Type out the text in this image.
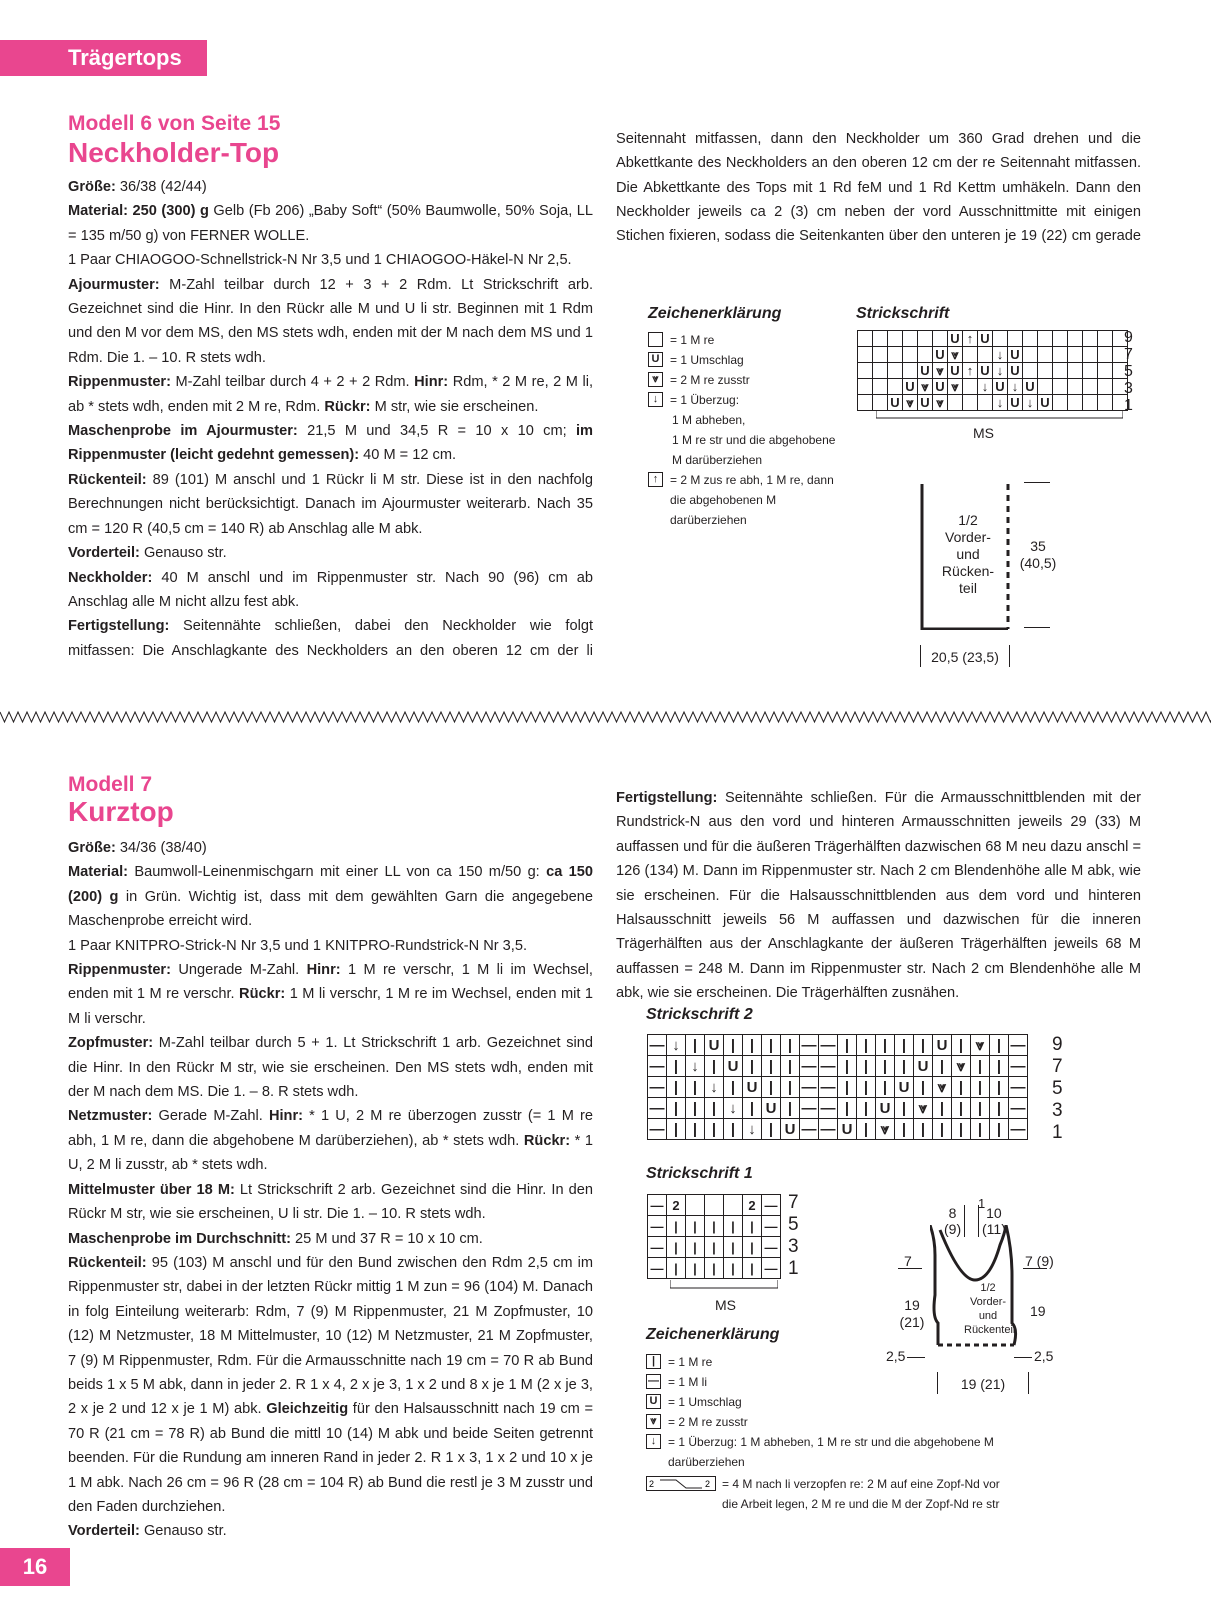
Trägertops
Modell 6 von Seite 15
Neckholder-Top

Größe: 36/38 (42/44)

Material: 250 (300) g Gelb (Fb 206) „Baby Soft“ (50% Baumwolle, 50% Soja, LL = 135 m/50 g) von FERNER WOLLE.

1 Paar CHIAOGOO-Schnellstrick-N Nr 3,5 und 1 CHIAOGOO-Häkel-N Nr 2,5.

Ajourmuster: M-Zahl teilbar durch 12 + 3 + 2 Rdm. Lt Strickschrift arb. Gezeichnet sind die Hinr. In den Rückr alle M und U li str. Beginnen mit 1 Rdm und den M vor dem MS, den MS stets wdh, enden mit der M nach dem MS und 1 Rdm. Die 1. – 10. R stets wdh.

Rippenmuster: M-Zahl teilbar durch 4 + 2 + 2 Rdm. Hinr: Rdm, * 2 M re, 2 M li, ab * stets wdh, enden mit 2 M re, Rdm. Rückr: M str, wie sie erscheinen.

Maschenprobe im Ajourmuster: 21,5 M und 34,5 R = 10 x 10 cm; im Rippenmuster (leicht gedehnt gemessen): 40 M = 12 cm.

Rückenteil: 89 (101) M anschl und 1 Rückr li M str. Diese ist in den nachfolg Berechnungen nicht berücksichtigt. Danach im Ajourmuster weiterarb. Nach 35 cm = 120 R (40,5 cm = 140 R) ab Anschlag alle M abk.

Vorderteil: Genauso str.

Neckholder: 40 M anschl und im Rippenmuster str. Nach 90 (96) cm ab Anschlag alle M nicht allzu fest abk.

Fertigstellung: Seitennähte schließen, dabei den Neckholder wie folgt mitfassen: Die Anschlagkante des Neckholders an den oberen 12 cm der li

Seitennaht mitfassen, dann den Neckholder um 360 Grad drehen und die Abkettkante des Neckholders an den oberen 12 cm der re Seitennaht mitfassen. Die Abkettkante des Tops mit 1 Rd feM und 1 Rd Kettm umhäkeln. Dann den Neckholder jeweils ca 2 (3) cm neben der vord Ausschnittmitte mit einigen Stichen fixieren, sodass die Seitenkanten über den unteren je 19 (22) cm gerade

Zeichenerklärung
= 1 M re
U = 1 Umschlag
⩔ = 2 M re zusstr
↓ = 1 Überzug:
1 M abheben,
1 M re str und die abgehobene M darüberziehen
↑ = 2 M zus re abh, 1 M re, dann die abgehobenen M darüberziehen
Strickschrift
						U	↑	U									
					U	⩔			↓	U							
				U	⩔	U	↑	U	↓	U							
			U	⩔	U	⩔		↓	U	↓	U						
		U	⩔	U	⩔				↓	U	↓	U					
9
7
5
3
1
MS
1/2
Vorder-
und
Rücken-
teil
35
(40,5)
20,5 (23,5)
Modell 7
Kurztop

Größe: 34/36 (38/40)

Material: Baumwoll-Leinenmischgarn mit einer LL von ca 150 m/50 g: ca 150 (200) g in Grün. Wichtig ist, dass mit dem gewählten Garn die angegebene Maschenprobe erreicht wird.

1 Paar KNITPRO-Strick-N Nr 3,5 und 1 KNITPRO-Rundstrick-N Nr 3,5.

Rippenmuster: Ungerade M-Zahl. Hinr: 1 M re verschr, 1 M li im Wechsel, enden mit 1 M re verschr. Rückr: 1 M li verschr, 1 M re im Wechsel, enden mit 1 M li verschr.

Zopfmuster: M-Zahl teilbar durch 5 + 1. Lt Strickschrift 1 arb. Gezeichnet sind die Hinr. In den Rückr M str, wie sie erscheinen. Den MS stets wdh, enden mit der M nach dem MS. Die 1. – 8. R stets wdh.

Netzmuster: Gerade M-Zahl. Hinr: * 1 U, 2 M re überzogen zusstr (= 1 M re abh, 1 M re, dann die abgehobene M darüberziehen), ab * stets wdh. Rückr: * 1 U, 2 M li zusstr, ab * stets wdh.

Mittelmuster über 18 M: Lt Strickschrift 2 arb. Gezeichnet sind die Hinr. In den Rückr M str, wie sie erscheinen, U li str. Die 1. – 10. R stets wdh.

Maschenprobe im Durchschnitt: 25 M und 37 R = 10 x 10 cm.

Rückenteil: 95 (103) M anschl und für den Bund zwischen den Rdm 2,5 cm im Rippenmuster str, dabei in der letzten Rückr mittig 1 M zun = 96 (104) M. Danach in folg Einteilung weiterarb: Rdm, 7 (9) M Rippenmuster, 21 M Zopfmuster, 10 (12) M Netzmuster, 18 M Mittelmuster, 10 (12) M Netzmuster, 21 M Zopfmuster, 7 (9) M Rippenmuster, Rdm. Für die Armausschnitte nach 19 cm = 70 R ab Bund beids 1 x 5 M abk, dann in jeder 2. R 1 x 4, 2 x je 3, 1 x 2 und 8 x je 1 M (2 x je 3, 2 x je 2 und 12 x je 1 M) abk. Gleichzeitig für den Halsausschnitt nach 19 cm = 70 R (21 cm = 78 R) ab Bund die mittl 10 (14) M abk und beide Seiten getrennt beenden. Für die Rundung am inneren Rand in jeder 2. R 1 x 3, 1 x 2 und 10 x je 1 M abk. Nach 26 cm = 96 R (28 cm = 104 R) ab Bund die restl je 3 M zusstr und den Faden durchziehen.

Vorderteil: Genauso str.

Fertigstellung: Seitennähte schließen. Für die Armausschnittblenden mit der Rundstrick-N aus den vord und hinteren Armausschnitten jeweils 29 (33) M auffassen und für die äußeren Trägerhälften dazwischen 68 M neu dazu anschl = 126 (134) M. Dann im Rippenmuster str. Nach 2 cm Blendenhöhe alle M abk, wie sie erscheinen. Für die Halsausschnittblenden aus dem vord und hinteren Halsausschnitt jeweils 56 M auffassen und dazwischen für die inneren Trägerhälften aus der Anschlagkante der äußeren Trägerhälften jeweils 68 M auffassen = 248 M. Dann im Rippenmuster str. Nach 2 cm Blendenhöhe alle M abk, wie sie erscheinen. Die Trägerhälften zusnähen.

Strickschrift 2
—	↓	|	U	|	|	|	|	—	—	|	|	|	|	|	U	|	⩔	|	—
—	|	↓	|	U	|	|	|	—	—	|	|	|	|	U	|	⩔	|	|	—
—	|	|	↓	|	U	|	|	—	—	|	|	|	U	|	⩔	|	|	|	—
—	|	|	|	↓	|	U	|	—	—	|	|	U	|	⩔	|	|	|	|	—
—	|	|	|	|	↓	|	U	—	—	U	|	⩔	|	|	|	|	|	|	—
9
7
5
3
1
Strickschrift 1
—	2				2	—
—	|	|	|	|	|	—
—	|	|	|	|	|	—
—	|	|	|	|	|	—
7
5
3
1
MS
Zeichenerklärung
|	= 1 M re
— = 1 M li
U = 1 Umschlag
⩔ = 2 M re zusstr
↓ = 1 Überzug: 1 M abheben, 1 M re str und die abgehobene M darüberziehen
2	2 = 4 M nach li verzopfen re: 2 M auf eine Zopf-Nd vor die Arbeit legen, 2 M re und die M der Zopf-Nd re str
1
8
(9)
10
(11)
7	7 (9)
1/2
Vorder-
und
Rückenteil
19
(21)
19
2,5	2,5
19 (21)
16
